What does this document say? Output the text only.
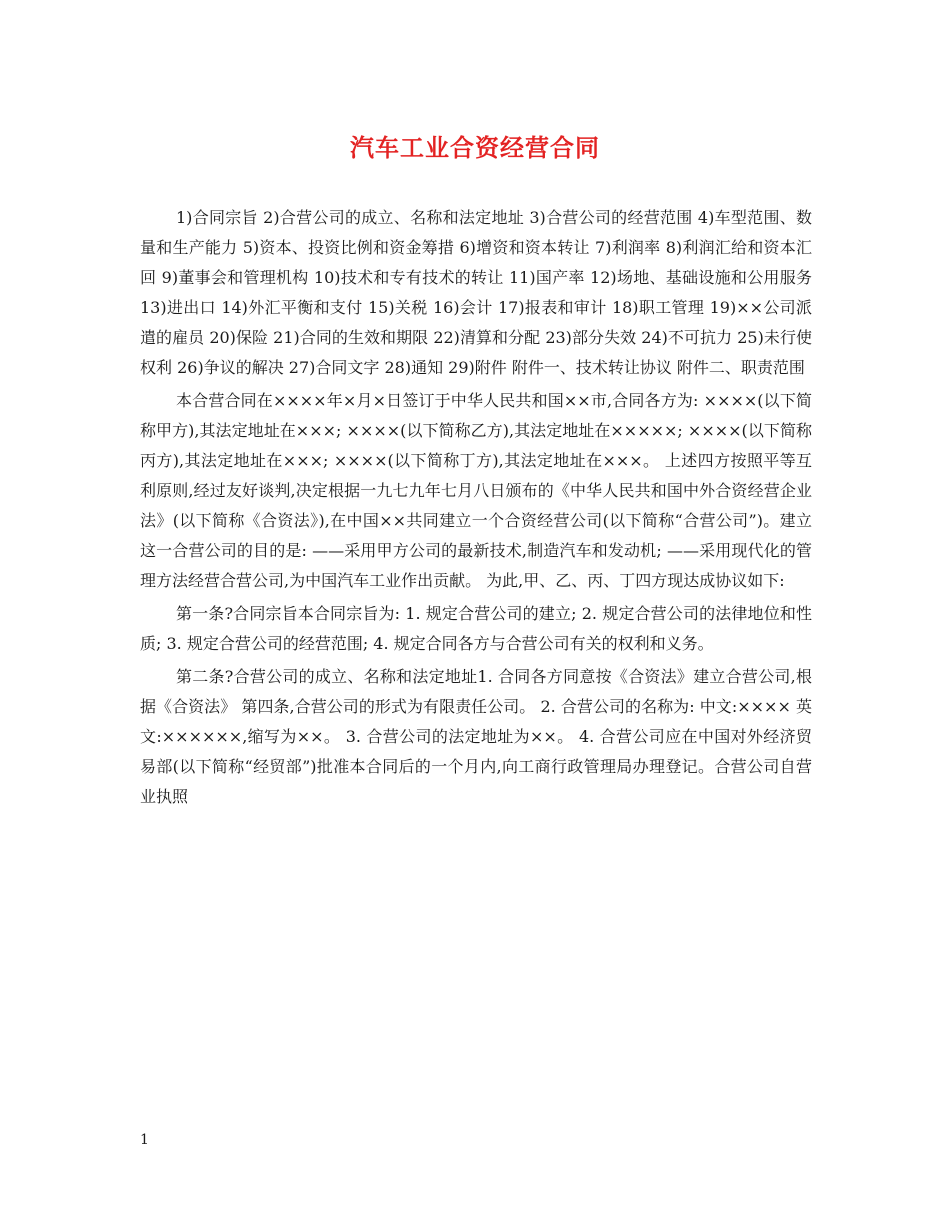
汽车工业合资经营合同

1)合同宗旨 2)合营公司的成立、名称和法定地址 3)合营公司的经营范围 4)车型范围、数量和生产能力 5)资本、投资比例和资金筹措 6)增资和资本转让 7)利润率 8)利润汇给和资本汇回 9)董事会和管理机构 10)技术和专有技术的转让 11)国产率 12)场地、基础设施和公用服务 13)进出口 14)外汇平衡和支付 15)关税 16)会计 17)报表和审计 18)职工管理 19)××公司派遣的雇员 20)保险 21)合同的生效和期限 22)清算和分配 23)部分失效 24)不可抗力 25)未行使权利 26)争议的解决 27)合同文字 28)通知 29)附件 附件一、技术转让协议 附件二、职责范围

本合营合同在××××年×月×日签订于中华人民共和国××市,合同各方为: ××××(以下简称甲方),其法定地址在×××; ××××(以下简称乙方),其法定地址在×××××; ××××(以下简称丙方),其法定地址在×××; ××××(以下简称丁方),其法定地址在×××。 上述四方按照平等互利原则,经过友好谈判,决定根据一九七九年七月八日颁布的《中华人民共和国中外合资经营企业法》(以下简称《合资法》),在中国××共同建立一个合资经营公司(以下简称“合营公司”)。建立这一合营公司的目的是: ——采用甲方公司的最新技术,制造汽车和发动机; ——采用现代化的管理方法经营合营公司,为中国汽车工业作出贡献。 为此,甲、乙、丙、丁四方现达成协议如下:

第一条?合同宗旨本合同宗旨为: 1. 规定合营公司的建立; 2. 规定合营公司的法律地位和性质; 3. 规定合营公司的经营范围; 4. 规定合同各方与合营公司有关的权利和义务。

第二条?合营公司的成立、名称和法定地址1. 合同各方同意按《合资法》建立合营公司,根据《合资法》 第四条,合营公司的形式为有限责任公司。 2. 合营公司的名称为: 中文:×××× 英文:××××××,缩写为××。 3. 合营公司的法定地址为××。 4. 合营公司应在中国对外经济贸易部(以下简称“经贸部”)批准本合同后的一个月内,向工商行政管理局办理登记。合营公司自营业执照

1
